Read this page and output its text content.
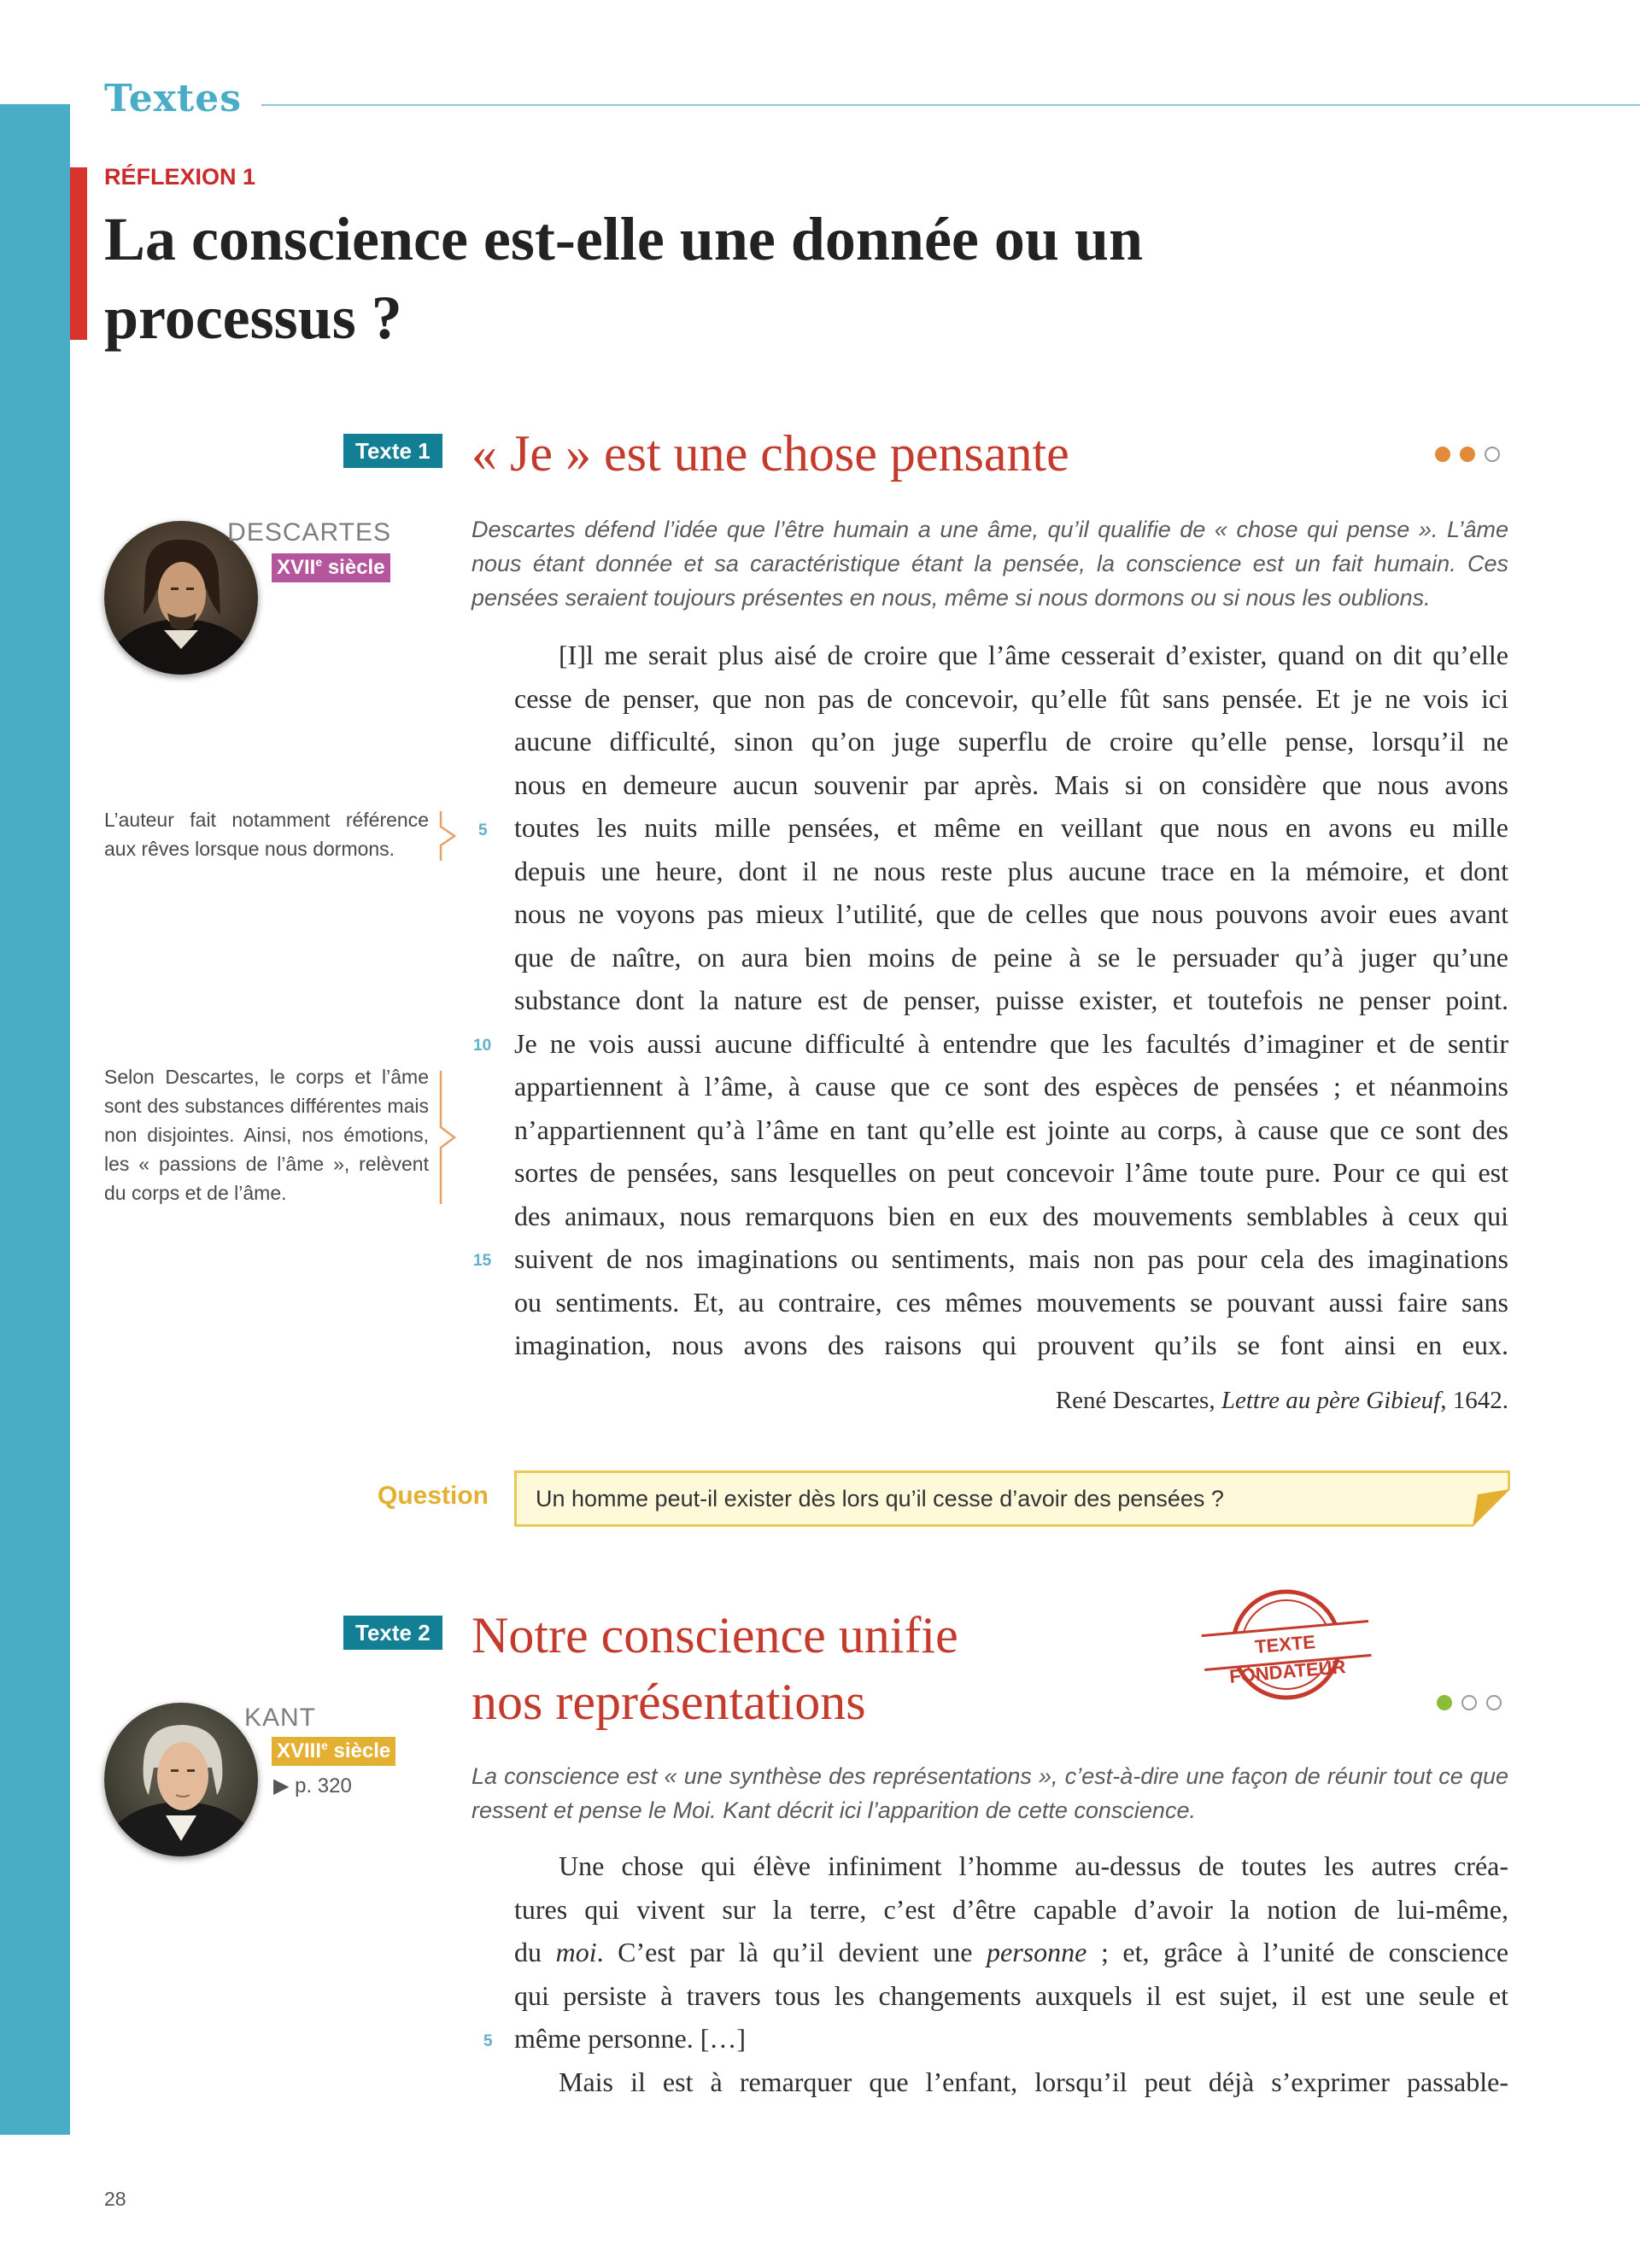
Textes
RÉFLEXION 1
La conscience est-elle une donnée ou un processus ?
Texte 1 « Je » est une chose pensante
DESCARTES
XVIIe siècle
Descartes défend l’idée que l’être humain a une âme, qu’il qualifie de « chose qui pense ». L’âme nous étant donnée et sa caractéristique étant la pensée, la conscience est un fait humain. Ces pensées seraient toujours présentes en nous, même si nous dormons ou si nous les oublions.
[I]l me serait plus aisé de croire que l’âme cesserait d’exister, quand on dit qu’elle
cesse de penser, que non pas de concevoir, qu’elle fût sans pensée. Et je ne vois ici
aucune difficulté, sinon qu’on juge superflu de croire qu’elle pense, lorsqu’il ne
nous en demeure aucun souvenir par après. Mais si on considère que nous avons
toutes les nuits mille pensées, et même en veillant que nous en avons eu mille
depuis une heure, dont il ne nous reste plus aucune trace en la mémoire, et dont
nous ne voyons pas mieux l’utilité, que de celles que nous pouvons avoir eues avant
que de naître, on aura bien moins de peine à se le persuader qu’à juger qu’une
substance dont la nature est de penser, puisse exister, et toutefois ne penser point.
Je ne vois aussi aucune difficulté à entendre que les facultés d’imaginer et de sentir
appartiennent à l’âme, à cause que ce sont des espèces de pensées ; et néanmoins
n’appartiennent qu’à l’âme en tant qu’elle est jointe au corps, à cause que ce sont des
sortes de pensées, sans lesquelles on peut concevoir l’âme toute pure. Pour ce qui est
des animaux, nous remarquons bien en eux des mouvements semblables à ceux qui
suivent de nos imaginations ou sentiments, mais non pas pour cela des imaginations
ou sentiments. Et, au contraire, ces mêmes mouvements se pouvant aussi faire sans
imagination, nous avons des raisons qui prouvent qu’ils se font ainsi en eux.
5
10
15
L’auteur fait notamment référence aux rêves lorsque nous dormons.
Selon Descartes, le corps et l’âme sont des substances différentes mais non disjointes. Ainsi, nos émotions, les « passions de l’âme », relèvent du corps et de l’âme.
René Descartes, Lettre au père Gibieuf, 1642.
Question Un homme peut-il exister dès lors qu’il cesse d’avoir des pensées ?
Texte 2 Notre conscience unifie
nos représentations
TEXTE FONDATEUR
KANT
XVIIIe siècle
▶ p. 320	La conscience est « une synthèse des représentations », c’est-à-dire une façon de réunir tout ce que ressent et pense le Moi. Kant décrit ici l’apparition de cette conscience.
Une chose qui élève infiniment l’homme au-dessus de toutes les autres créa-
tures qui vivent sur la terre, c’est d’être capable d’avoir la notion de lui-même,
du moi. C’est par là qu’il devient une personne ; et, grâce à l’unité de conscience
qui persiste à travers tous les changements auxquels il est sujet, il est une seule et
même personne. […]
Mais il est à remarquer que l’enfant, lorsqu’il peut déjà s’exprimer passable-
5
28
